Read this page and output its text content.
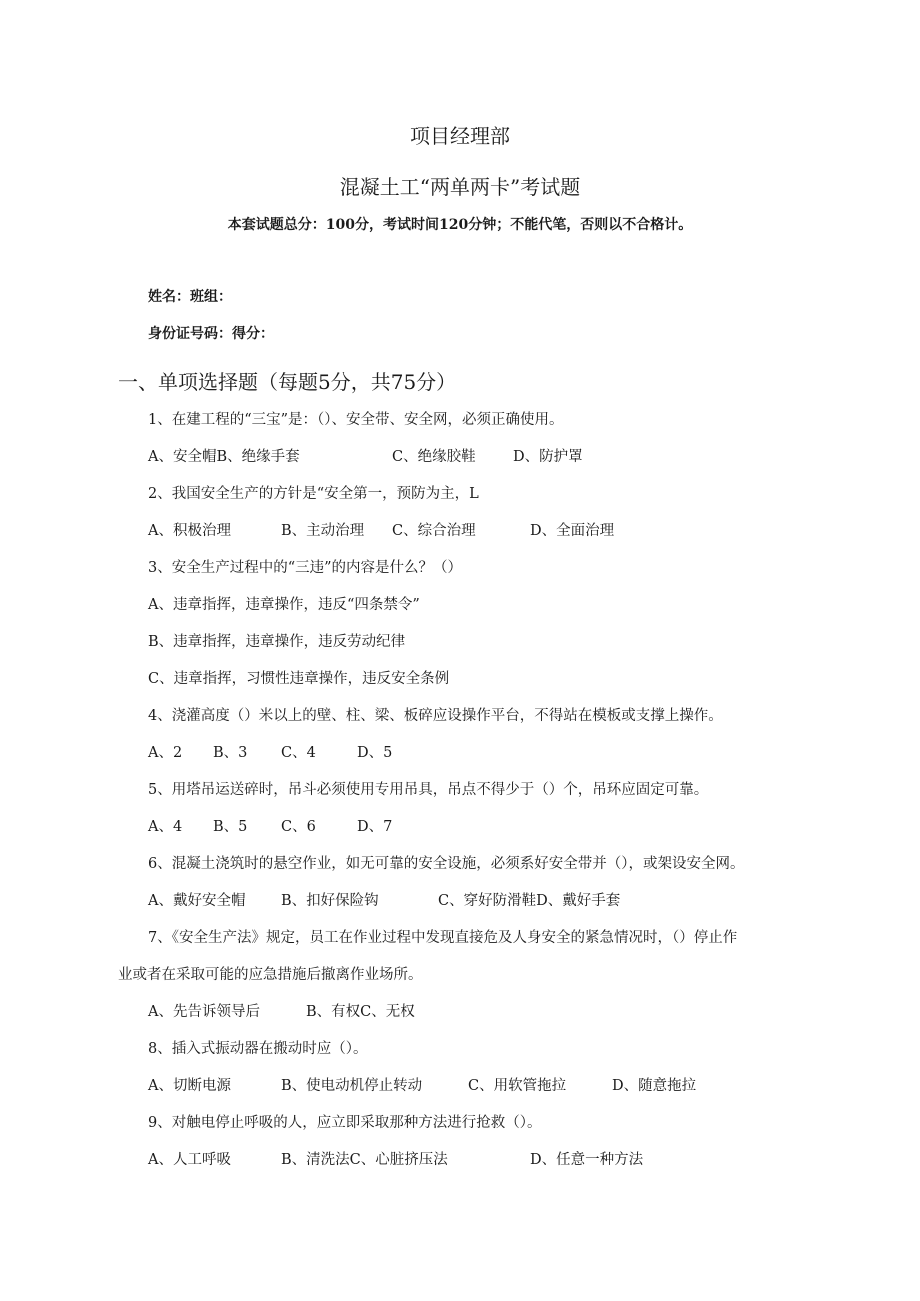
项目经理部
混凝土工“两单两卡”考试题
本套试题总分：100分，考试时间120分钟；不能代笔，否则以不合格计。
姓名：班组：
身份证号码：得分：
一、单项选择题（每题5分，共75分）
1、在建工程的“三宝”是：（）、安全带、安全网，必须正确使用。
A、安全帽B、绝缘手套	C、绝缘胶鞋	D、防护罩
2、我国安全生产的方针是“安全第一，预防为主，L
A、积极治理	B、主动治理 C、综合治理	D、全面治理
3、安全生产过程中的“三违”的内容是什么？（）
A、违章指挥，违章操作，违反“四条禁令”
B、违章指挥，违章操作，违反劳动纪律
C、违章指挥，习惯性违章操作，违反安全条例
4、浇灌高度（）米以上的壁、柱、梁、板碎应设操作平台，不得站在模板或支撑上操作。
A、2 B、3 C、4	D、5
5、用塔吊运送碎时，吊斗必须使用专用吊具，吊点不得少于（）个，吊环应固定可靠。
A、4 B、5 C、6	D、7
6、混凝土浇筑时的悬空作业，如无可靠的安全设施，必须系好安全带并（），或架设安全网。
A、戴好安全帽 B、扣好保险钩	C、穿好防滑鞋D、戴好手套
7、《安全生产法》规定，员工在作业过程中发现直接危及人身安全的紧急情况时，（）停止作
业或者在采取可能的应急措施后撤离作业场所。
A、先告诉领导后	B、有权C、无权
8、插入式振动器在搬动时应（）。
A、切断电源	B、使电动机停止转动	C、用软管拖拉	D、随意拖拉
9、对触电停止呼吸的人，应立即采取那种方法进行抢救（）。
A、人工呼吸	B、清洗法C、心脏挤压法	D、任意一种方法
